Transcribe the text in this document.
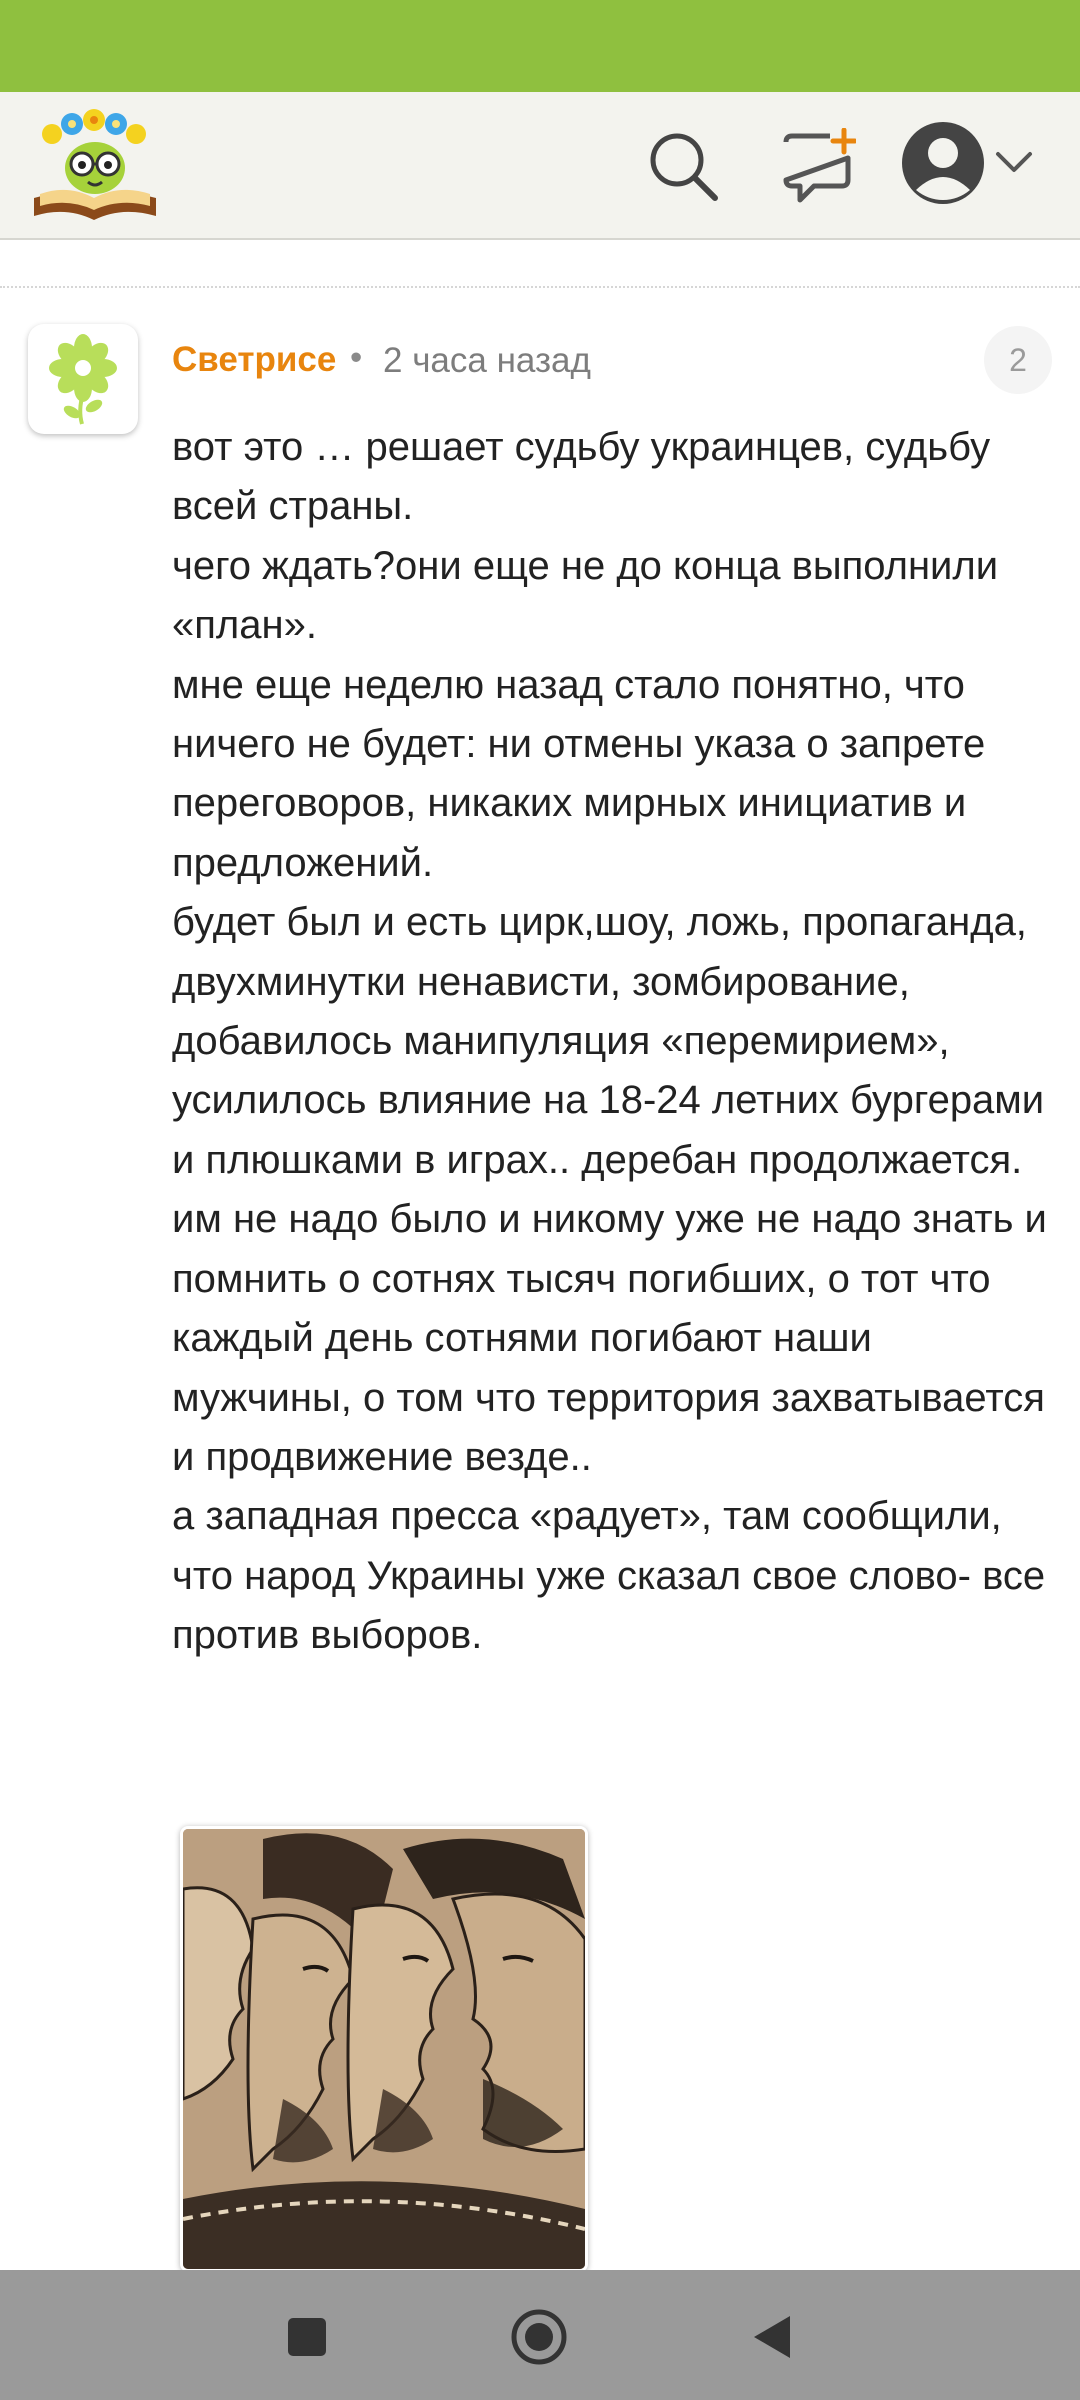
Светрисе • 2 часа назад	2
вот это … решает судьбу украинцев, судьбу всей страны.
чего ждать?они еще не до конца выполнили «план».
мне еще неделю назад стало понятно, что ничего не будет: ни отмены указа о запрете переговоров, никаких мирных инициатив и предложений.
будет был и есть цирк,шоу, ложь, пропаганда, двухминутки ненависти, зомбирование, добавилось манипуляция «перемирием», усилилось влияние на 18-24 летних бургерами и плюшками в играх.. деребан продолжается.
им не надо было и никому уже не надо знать и помнить о сотнях тысяч погибших, о тот что каждый день сотнями погибают наши мужчины, о том что территория захватывается и продвижение везде..
а западная пресса «радует», там сообщили, что народ Украины уже сказал свое слово- все против выборов.
